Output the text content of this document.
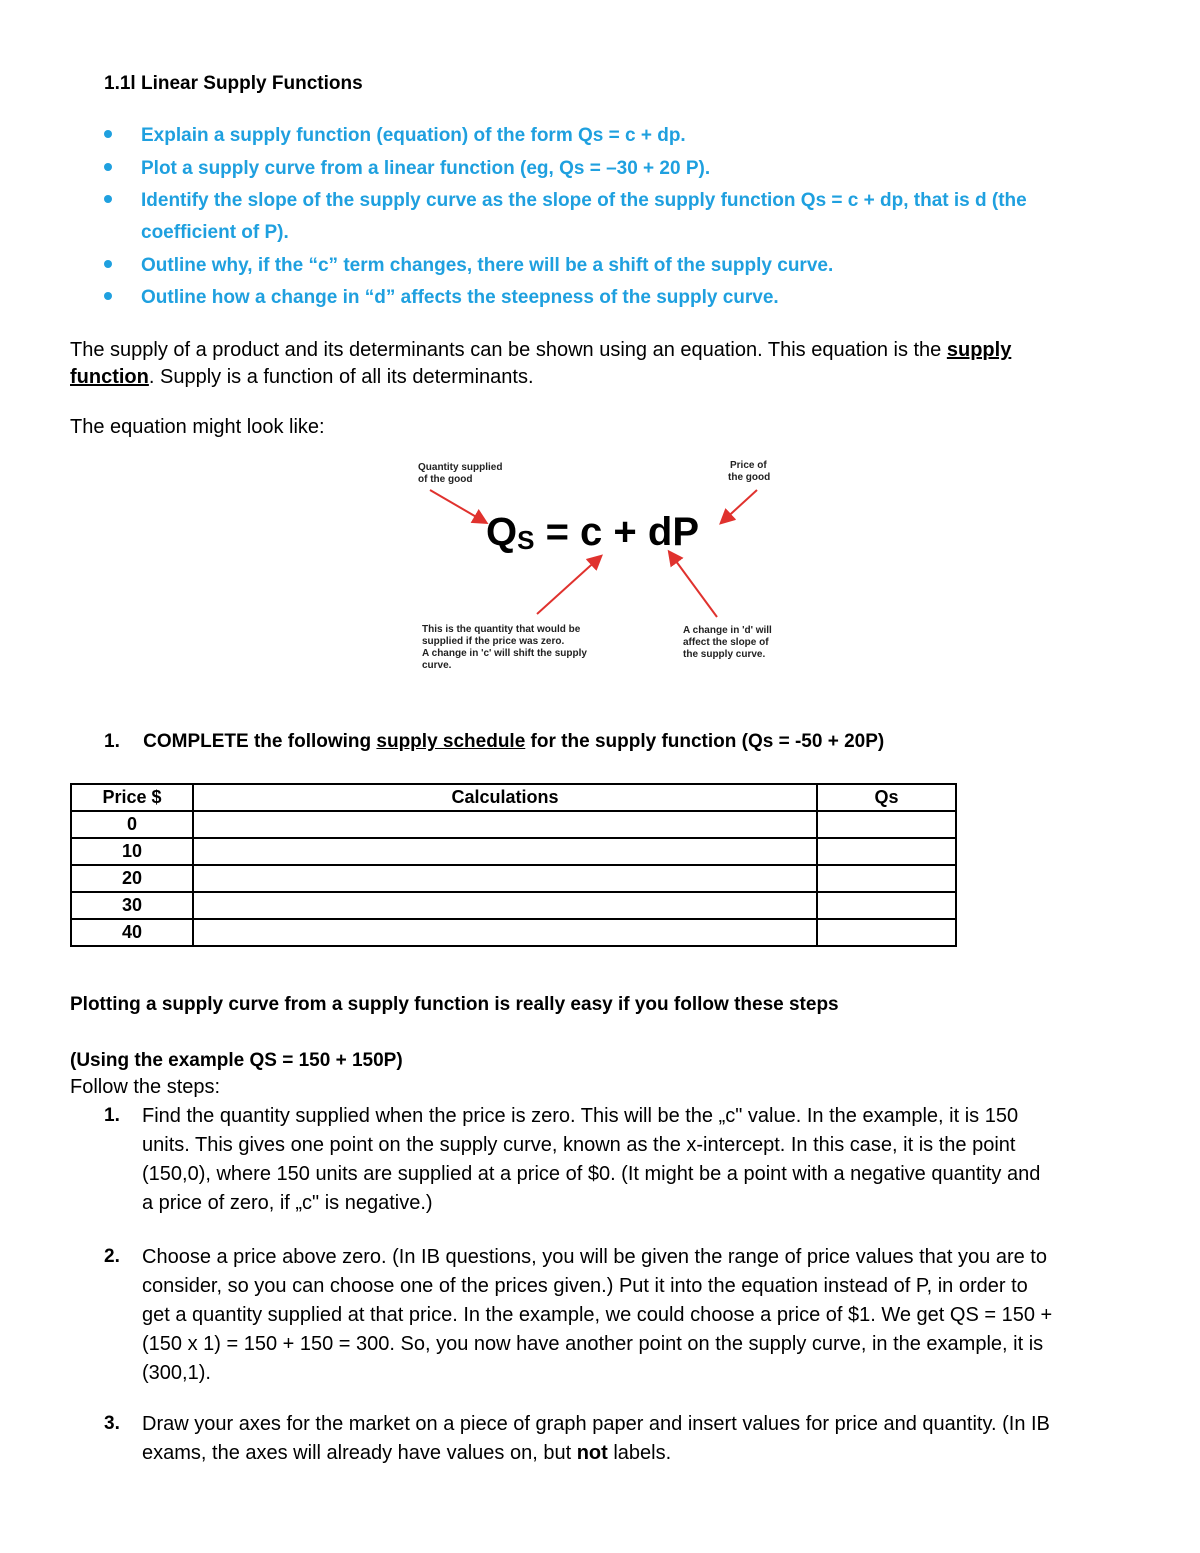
1.1l Linear Supply Functions
Explain a supply function (equation) of the form Qs = c + dp.
Plot a supply curve from a linear function (eg, Qs = –30 + 20 P).
Identify the slope of the supply curve as the slope of the supply function Qs = c + dp, that is d (the
coefficient of P).
Outline why, if the “c” term changes, there will be a shift of the supply curve.
Outline how a change in “d” affects the steepness of the supply curve.
The supply of a product and its determinants can be shown using an equation. This equation is the supply
function. Supply is a function of all its determinants.
The equation might look like:
Quantity supplied
of the good
Price of
the good
$Q_S = c$ + dP
This is the quantity that would be
supplied if the price was zero.
A change in 'c' will shift the supply
curve.
A change in 'd' will
affect the slope of
the supply curve.
1. COMPLETE the following supply schedule for the supply function (Qs = -50 + 20P)
Price $	Calculations	Qs
0		
10		
20		
30		
40		
Plotting a supply curve from a supply function is really easy if you follow these steps
(Using the example QS = 150 + 150P)
Follow the steps:
1. Find the quantity supplied when the price is zero. This will be the „c" value. In the example, it is 150
units. This gives one point on the supply curve, known as the x-intercept. In this case, it is the point
(150,0), where 150 units are supplied at a price of $0. (It might be a point with a negative quantity and
a price of zero, if „c" is negative.)
2. Choose a price above zero. (In IB questions, you will be given the range of price values that you are to
consider, so you can choose one of the prices given.) Put it into the equation instead of P, in order to
get a quantity supplied at that price. In the example, we could choose a price of $1. We get QS = 150 +
(150 x 1) = 150 + 150 = 300. So, you now have another point on the supply curve, in the example, it is
(300,1).
3. Draw your axes for the market on a piece of graph paper and insert values for price and quantity. (In IB
exams, the axes will already have values on, but not labels.
